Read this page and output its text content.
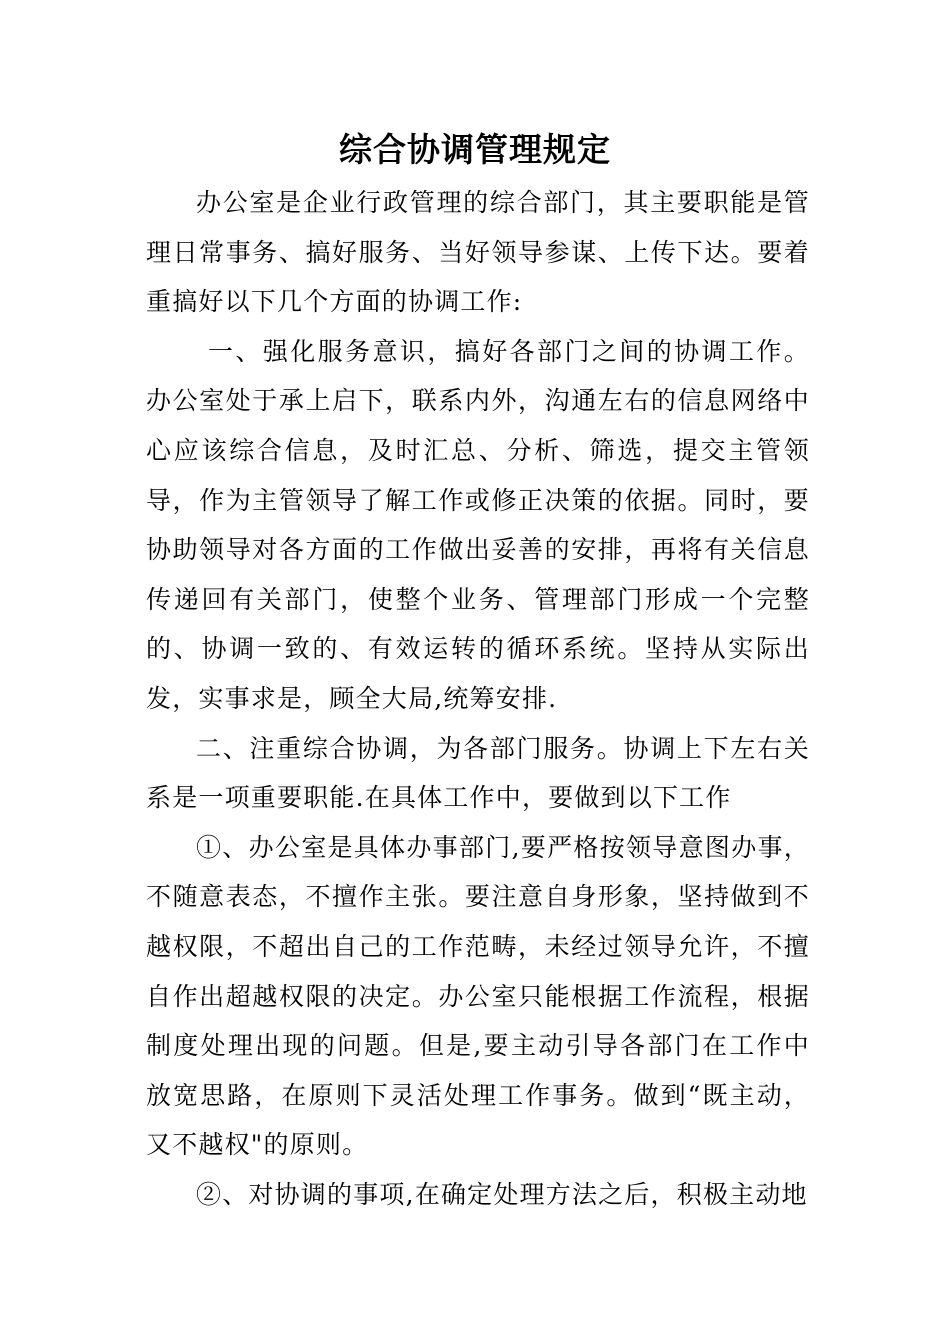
综合协调管理规定

办公室是企业行政管理的综合部门，其主要职能是管理日常事务、搞好服务、当好领导参谋、上传下达。要着重搞好以下几个方面的协调工作:

一、强化服务意识，搞好各部门之间的协调工作。办公室处于承上启下，联系内外，沟通左右的信息网络中心应该综合信息，及时汇总、分析、筛选，提交主管领导，作为主管领导了解工作或修正决策的依据。同时，要协助领导对各方面的工作做出妥善的安排，再将有关信息传递回有关部门，使整个业务、管理部门形成一个完整的、协调一致的、有效运转的循环系统。坚持从实际出发，实事求是，顾全大局,统筹安排.

二、注重综合协调，为各部门服务。协调上下左右关系是一项重要职能.在具体工作中，要做到以下工作

①、办公室是具体办事部门,要严格按领导意图办事，不随意表态，不擅作主张。要注意自身形象，坚持做到不越权限，不超出自己的工作范畴，未经过领导允许，不擅自作出超越权限的决定。办公室只能根据工作流程，根据制度处理出现的问题。但是,要主动引导各部门在工作中放宽思路，在原则下灵活处理工作事务。做到“既主动，又不越权"的原则。

②、对协调的事项,在确定处理方法之后，积极主动地
